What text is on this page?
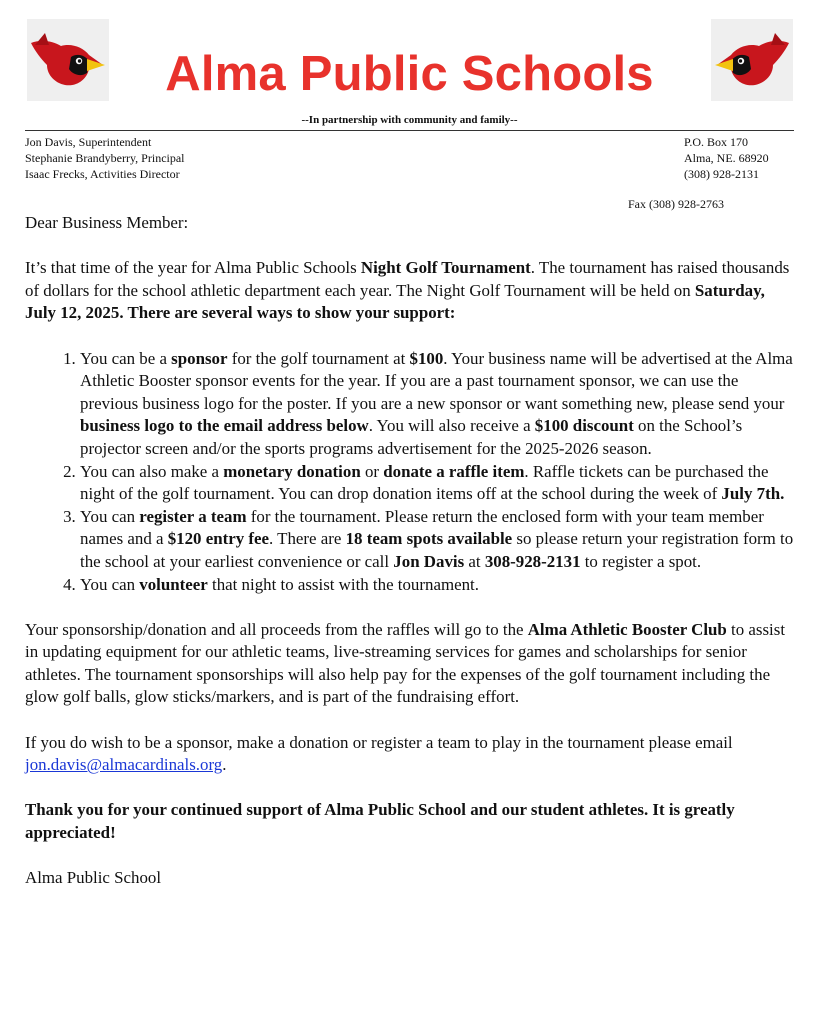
Alma Public Schools
--In partnership with community and family--
Jon Davis, Superintendent
Stephanie Brandyberry, Principal
Isaac Frecks, Activities Director
P.O. Box 170
Alma, NE. 68920
(308) 928-2131
Fax (308) 928-2763

Dear Business Member:

It’s that time of the year for Alma Public Schools Night Golf Tournament. The tournament has raised thousands of dollars for the school athletic department each year. The Night Golf Tournament will be held on Saturday, July 12, 2025. There are several ways to show your support:

1. You can be a sponsor for the golf tournament at $100. Your business name will be advertised at the Alma Athletic Booster sponsor events for the year. If you are a past tournament sponsor, we can use the previous business logo for the poster. If you are a new sponsor or want something new, please send your business logo to the email address below. You will also receive a $100 discount on the School’s projector screen and/or the sports programs advertisement for the 2025-2026 season.
2. You can also make a monetary donation or donate a raffle item. Raffle tickets can be purchased the night of the golf tournament. You can drop donation items off at the school during the week of July 7th.
3. You can register a team for the tournament. Please return the enclosed form with your team member names and a $120 entry fee. There are 18 team spots available so please return your registration form to the school at your earliest convenience or call Jon Davis at 308-928-2131 to register a spot.
4. You can volunteer that night to assist with the tournament.

Your sponsorship/donation and all proceeds from the raffles will go to the Alma Athletic Booster Club to assist in updating equipment for our athletic teams, live-streaming services for games and scholarships for senior athletes. The tournament sponsorships will also help pay for the expenses of the golf tournament including the glow golf balls, glow sticks/markers, and is part of the fundraising effort.

If you do wish to be a sponsor, make a donation or register a team to play in the tournament please email jon.davis@almacardinals.org.

Thank you for your continued support of Alma Public School and our student athletes. It is greatly appreciated!

Alma Public School
